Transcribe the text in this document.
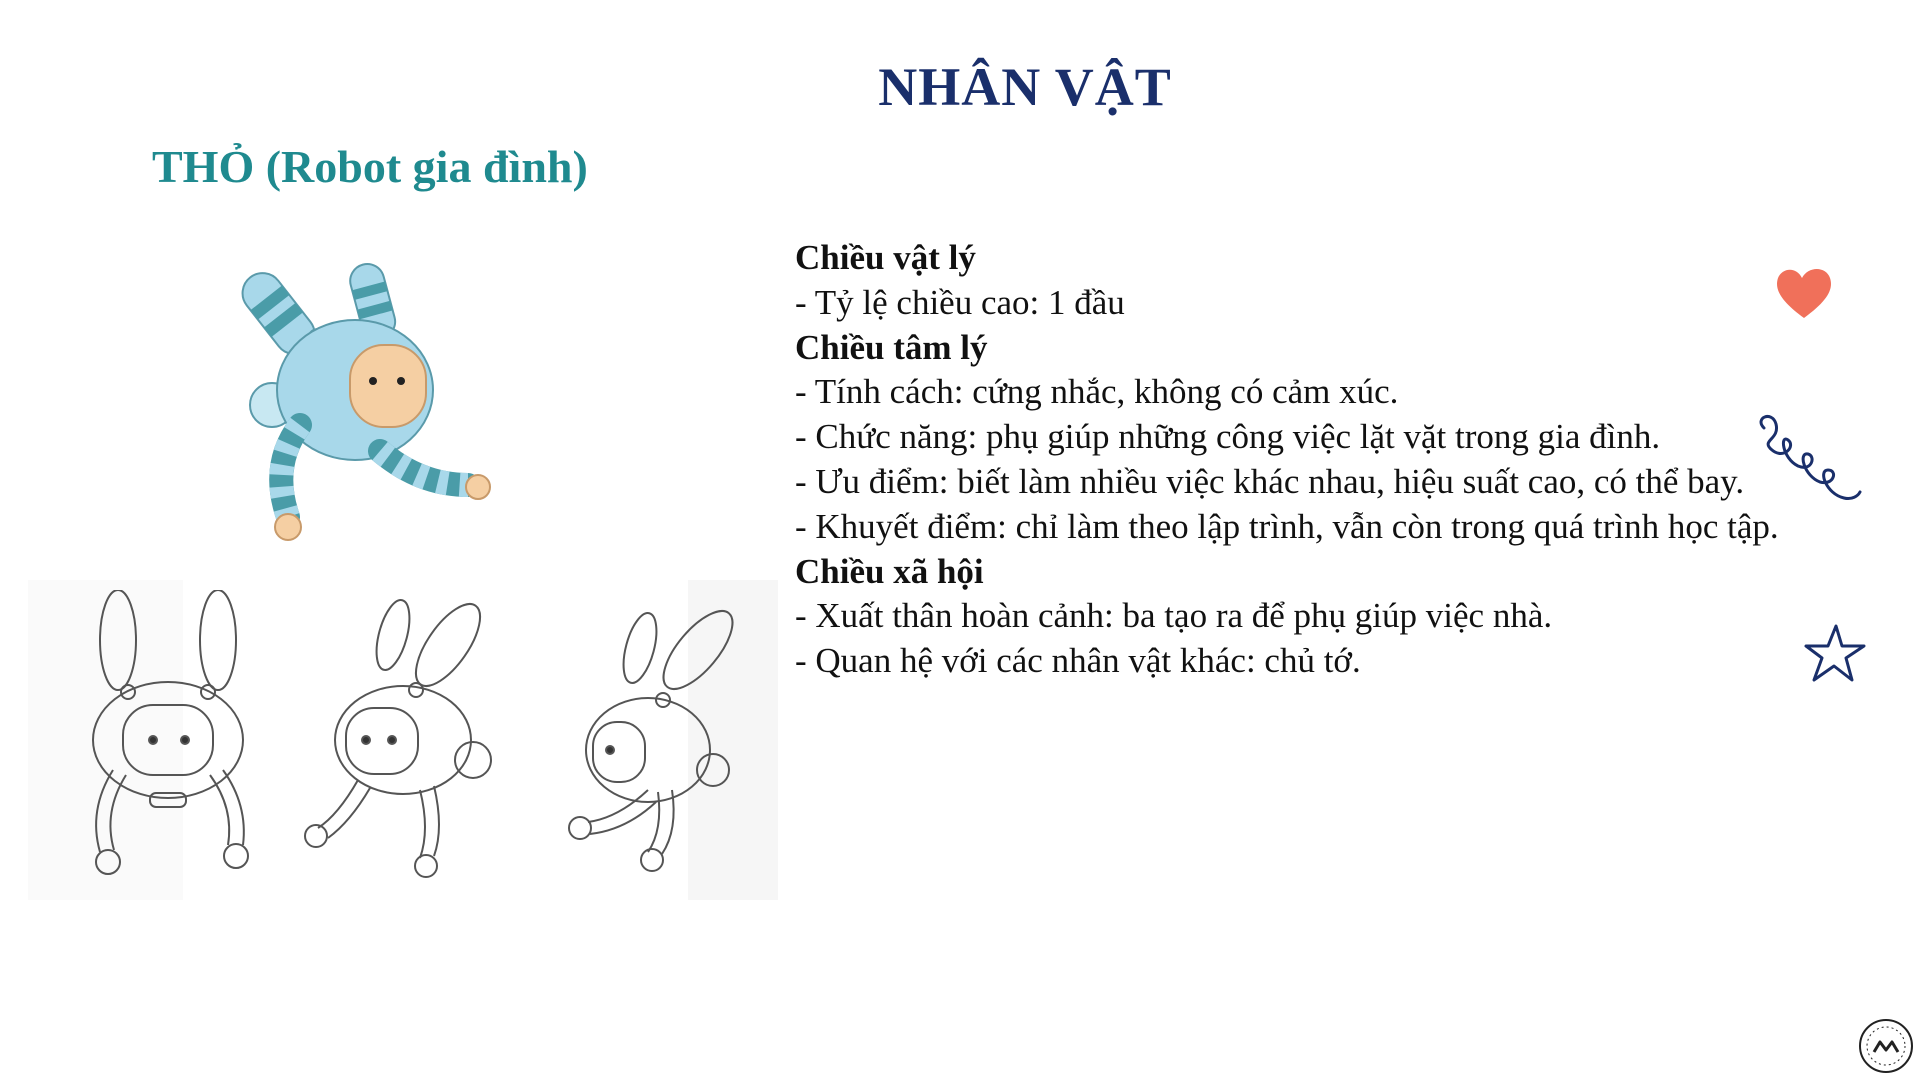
NHÂN VẬT
THỎ (Robot gia đình)
Chiều vật lý
- Tỷ lệ chiều cao: 1 đầu
Chiều tâm lý
- Tính cách: cứng nhắc, không có cảm xúc.
- Chức năng: phụ giúp những công việc lặt vặt trong gia đình.
- Ưu điểm: biết làm nhiều việc khác nhau, hiệu suất cao, có thể bay.
- Khuyết điểm: chỉ làm theo lập trình, vẫn còn trong quá trình học tập.
Chiều xã hội
- Xuất thân hoàn cảnh: ba tạo ra để phụ giúp việc nhà.
- Quan hệ với các nhân vật khác: chủ tớ.
